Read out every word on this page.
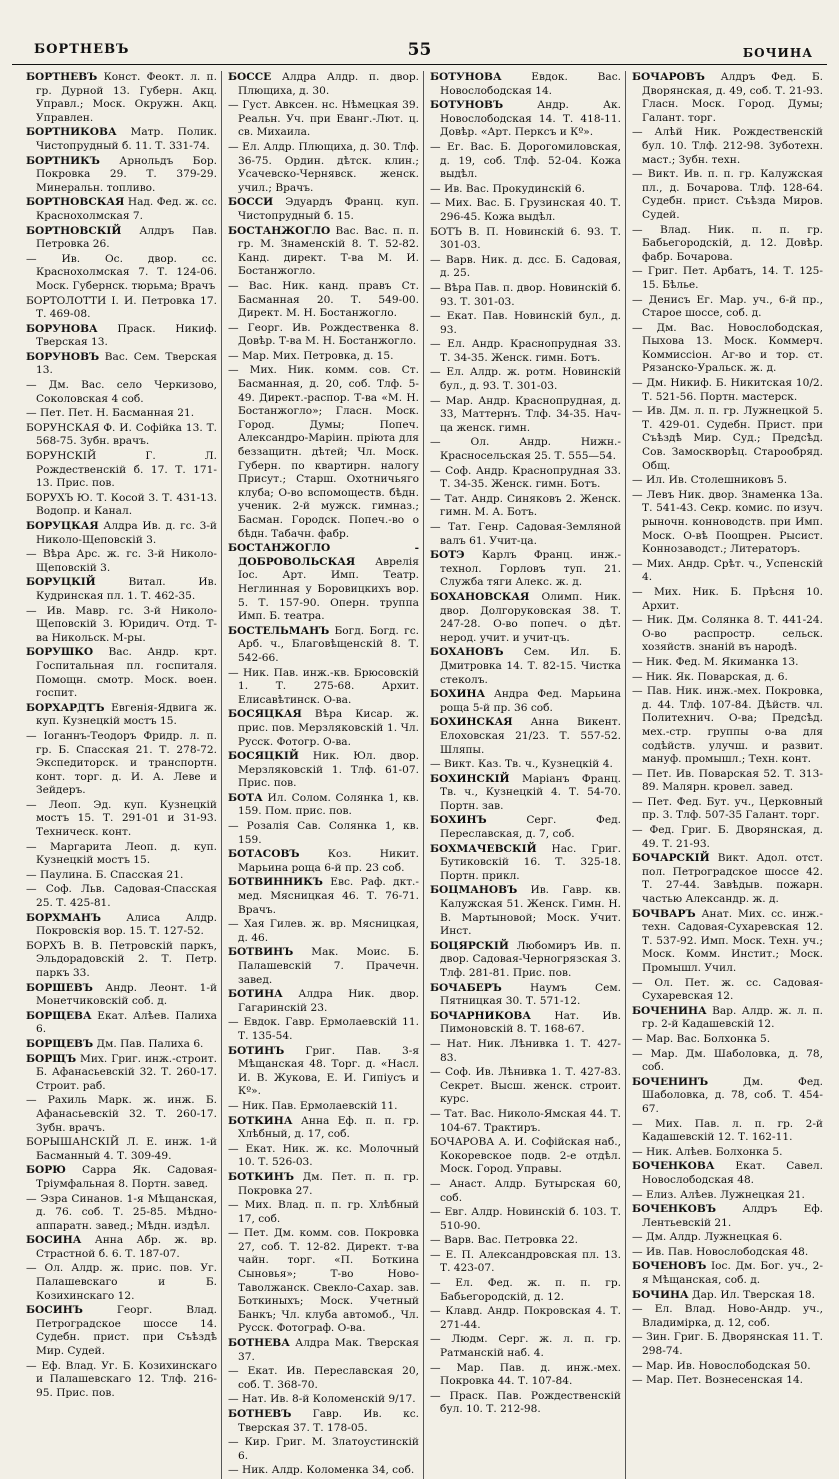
БОРТНЕВЪ	55	БОЧИНА

БОРТНЕВЪ Конст. Феокт. л. п. гр. Дурной 13. Губерн. Акц. Управл.; Моск. Окружн. Акц. Управлен.

БОРТНИКОВА Матр. Полик. Чистопрудный б. 11. Т. 331-74.

БОРТНИКЪ Арнольдъ Бор. Покровка 29. Т. 379-29. Минеральн. топливо.

БОРТНОВСКАЯ Над. Фед. ж. сс. Краснохолмская 7.

БОРТНОВСКІЙ Алдръ Пав. Петровка 26.

— Ив. Ос. двор. сс. Краснохолмская 7. Т. 124-06. Моск. Губернск. тюрьма; Врачъ

БОРТОЛОТТИ І. И. Петровка 17. Т. 469-08.

БОРУНОВА Праск. Никиф. Тверская 13.

БОРУНОВЪ Вас. Сем. Тверская 13.

— Дм. Вас. село Черкизово, Соколовская 4 соб.

— Пет. Пет. Н. Басманная 21.

БОРУНСКАЯ Ф. И. Софійка 13. Т. 568-75. Зубн. врачъ.

БОРУНСКІЙ Г. Л. Рождественскій б. 17. Т. 171-13. Прис. пов.

БОРУХЪ Ю. Т. Косой 3. Т. 431-13. Водопр. и Канал.

БОРУЦКАЯ Алдра Ив. д. гс. 3-й Николо-Щеповскій 3.

— Вѣра Арс. ж. гс. 3-й Николо-Щеповскій 3.

БОРУЦКІЙ Витал. Ив. Кудринская пл. 1. Т. 462-35.

— Ив. Мавр. гс. 3-й Николо-Щеповскій 3. Юридич. Отд. Т-ва Никольск. М-ры.

БОРУШКО Вас. Андр. крт. Госпитальная пл. госпиталя. Помощн. смотр. Моск. воен. госпит.

БОРХАРДТЪ Евгенія-Ядвига ж. куп. Кузнецкій мостъ 15.

— Іоганнъ-Теодоръ Фридр. л. п. гр. Б. Спасская 21. Т. 278-72. Экспедиторск. и транспортн. конт. торг. д. И. А. Леве и Зейдеръ.

— Леоп. Эд. куп. Кузнецкій мостъ 15. Т. 291-01 и 31-93. Техническ. конт.

— Маргарита Леоп. д. куп. Кузнецкій мостъ 15.

— Паулина. Б. Спасская 21.

— Соф. Льв. Садовая-Спасская 25. Т. 425-81.

БОРХМАНЪ Алиса Алдр. Покровскія вор. 15. Т. 127-52.

БОРХЪ В. В. Петровскій паркъ, Эльдорадовскій 2. Т. Петр. паркъ 33.

БОРШЕВЪ Андр. Леонт. 1-й Монетчиковскій соб. д.

БОРЩЕВА Екат. Алѣев. Палиха 6.

БОРЩЕВЪ Дм. Пав. Палиха 6.

БОРЩЪ Мих. Григ. инж.-строит. Б. Афанасьевскій 32. Т. 260-17. Строит. раб.

— Рахиль Марк. ж. инж. Б. Афанасьевскій 32. Т. 260-17. Зубн. врачъ.

БОРЫШАНСКІЙ Л. Е. инж. 1-й Басманный 4. Т. 309-49.

БОРЮ Сарра Як. Садовая-Тріумфальная 8. Портн. завед.

— Эзра Синанов. 1-я Мѣщанская, д. 76. соб. Т. 25-85. Мѣдно-аппаратн. завед.; Мѣдн. издѣл.

БОСИНА Анна Абр. ж. вр. Страстной б. 6. Т. 187-07.

— Ол. Алдр. ж. прис. пов. Уг. Палашевскаго и Б. Козихинскаго 12.

БОСИНЪ Георг. Влад. Петроградское шоссе 14. Судебн. прист. при Съѣздѣ Мир. Судей.

— Еф. Влад. Уг. Б. Козихинскаго и Палашевскаго 12. Тлф. 216-95. Прис. пов.

БОССЕ Алдра Алдр. п. двор. Плющиха, д. 30.

— Густ. Авксен. нс. Нѣмецкая 39. Реальн. Уч. при Еванг.-Лют. ц. св. Михаила.

— Ел. Алдр. Плющиха, д. 30. Тлф. 36-75. Ордин. дѣтск. клин.; Усачевско-Чернявск. женск. учил.; Врачъ.

БОССИ Эдуардъ Франц. куп. Чистопрудный б. 15.

БОСТАНЖОГЛО Вас. Вас. п. п. гр. М. Знаменскій 8. Т. 52-82. Канд. директ. Т-ва М. И. Бостанжогло.

— Вас. Ник. канд. правъ Ст. Басманная 20. Т. 549-00. Директ. М. Н. Бостанжогло.

— Георг. Ив. Рождественка 8. Довѣр. Т-ва М. Н. Бостанжогло.

— Мар. Мих. Петровка, д. 15.

— Мих. Ник. комм. сов. Ст. Басманная, д. 20, соб. Тлф. 5-49. Директ.-распор. Т-ва «М. Н. Бостанжогло»; Гласн. Моск. Город. Думы; Попеч. Александро-Маріин. пріюта для беззащитн. дѣтей; Чл. Моск. Губерн. по квартирн. налогу Присут.; Старш. Охотничьяго клуба; О-во вспомоществ. бѣдн. ученик. 2-й мужск. гимназ.; Басман. Городск. Попеч.-во о бѣдн. Табачн. фабр.

БОСТАНЖОГЛО - ДОБРОВОЛЬСКАЯ Аврелія Іос. Арт. Имп. Театр. Неглинная у Боровицкихъ вор. 5. Т. 157-90. Оперн. труппа Имп. Б. театра.

БОСТЕЛЬМАНЪ Богд. Богд. гс. Арб. ч., Благовѣщенскій 8. Т. 542-66.

— Ник. Пав. инж.-кв. Брюсовскій 1. Т. 275-68. Архит. Елисавѣтинск. О-ва.

БОСЯЦКАЯ Вѣра Кисар. ж. прис. пов. Мерзляковскій 1. Чл. Русск. Фотогр. О-ва.

БОСЯЦКІЙ Ник. Юл. двор. Мерзляковскій 1. Тлф. 61-07. Прис. пов.

БОТА Ил. Солом. Солянка 1, кв. 159. Пом. прис. пов.

— Розалія Сав. Солянка 1, кв. 159.

БОТАСОВЪ Коз. Никит. Марьина роща 6-й пр. 23 соб.

БОТВИННИКЪ Евс. Раф. дкт.-мед. Мясницкая 46. Т. 76-71. Врачъ.

— Хая Гилев. ж. вр. Мясницкая, д. 46.

БОТВИНЪ Мак. Моис. Б. Палашевскій 7. Прачечн. завед.

БОТИНА Алдра Ник. двор. Гагаринскій 23.

— Евдок. Гавр. Ермолаевскій 11. Т. 135-54.

БОТИНЪ Григ. Пав. 3-я Мѣщанская 48. Торг. д. «Насл. И. В. Жукова, Е. И. Гипіусъ и Кº».

— Ник. Пав. Ермолаевскій 11.

БОТКИНА Анна Еф. п. п. гр. Хлѣбный, д. 17, соб.

— Екат. Ник. ж. кс. Молочный 10. Т. 526-03.

БОТКИНЪ Дм. Пет. п. п. гр. Покровка 27.

— Мих. Влад. п. п. гр. Хлѣбный 17, соб.

— Пет. Дм. комм. сов. Покровка 27, соб. Т. 12-82. Директ. т-ва чайн. торг. «П. Боткина Сыновья»; Т-во Ново-Таволжанск. Свекло-Сахар. зав. Боткиныхъ; Моск. Учетный Банкъ; Чл. клуба автомоб., Чл. Русск. Фотограф. О-ва.

БОТНЕВА Алдра Мак. Тверская 37.

— Екат. Ив. Переславская 20, соб. Т. 368-70.

— Нат. Ив. 8-й Коломенскій 9/17.

БОТНЕВЪ Гавр. Ив. кс. Тверская 37. Т. 178-05.

— Кир. Григ. М. Златоустинскій 6.

— Ник. Алдр. Коломенка 34, соб.

БОТУНОВА Евдок. Вас. Новослободская 14.

БОТУНОВЪ Андр. Ак. Новослободская 14. Т. 418-11. Довѣр. «Арт. Перксъ и Кº».

— Ег. Вас. Б. Дорогомиловская, д. 19, соб. Тлф. 52-04. Кожа выдѣл.

— Ив. Вас. Прокудинскій 6.

— Мих. Вас. Б. Грузинская 40. Т. 296-45. Кожа выдѣл.

БОТЪ В. П. Новинскій 6. 93. Т. 301-03.

— Варв. Ник. д. дсс. Б. Садовая, д. 25.

— Вѣра Пав. п. двор. Новинскій б. 93. Т. 301-03.

— Екат. Пав. Новинскій бул., д. 93.

— Ел. Андр. Краснопрудная 33. Т. 34-35. Женск. гимн. Ботъ.

— Ел. Алдр. ж. ротм. Новинскій бул., д. 93. Т. 301-03.

— Мар. Андр. Краснопрудная, д. 33, Маттернъ. Тлф. 34-35. Нач-ца женск. гимн.

— Ол. Андр. Нижн.-Красносельская 25. Т. 555—54.

— Соф. Андр. Краснопрудная 33. Т. 34-35. Женск. гимн. Ботъ.

— Тат. Андр. Синяковъ 2. Женск. гимн. М. А. Ботъ.

— Тат. Генр. Садовая-Земляной валъ 61. Учит-ца.

БОТЭ Карлъ Франц. инж.-технол. Горловъ туп. 21. Служба тяги Алекс. ж. д.

БОХАНОВСКАЯ Олимп. Ник. двор. Долгоруковская 38. Т. 247-28. О-во попеч. о дѣт. нерод. учит. и учит-цъ.

БОХАНОВЪ Сем. Ил. Б. Дмитровка 14. Т. 82-15. Чистка стеколъ.

БОХИНА Андра Фед. Марьина роща 5-й пр. 36 соб.

БОХИНСКАЯ Анна Викент. Елоховская 21/23. Т. 557-52. Шляпы.

— Викт. Каз. Тв. ч., Кузнецкій 4.

БОХИНСКІЙ Маріанъ Франц. Тв. ч., Кузнецкій 4. Т. 54-70. Портн. зав.

БОХИНЪ Серг. Фед. Переславская, д. 7, соб.

БОХМАЧЕВСКІЙ Нас. Григ. Бутиковскій 16. Т. 325-18. Портн. прикл.

БОЦМАНОВЪ Ив. Гавр. кв. Калужская 51. Женск. Гимн. Н. В. Мартыновой; Моск. Учит. Инст.

БОЦЯРСКІЙ Любомиръ Ив. п. двор. Садовая-Черногрязская 3. Тлф. 281-81. Прис. пов.

БОЧАБЕРЪ Наумъ Сем. Пятницкая 30. Т. 571-12.

БОЧАРНИКОВА Нат. Ив. Пимоновскій 8. Т. 168-67.

— Нат. Ник. Лѣнивка 1. Т. 427-83.

— Соф. Ив. Лѣнивка 1. Т. 427-83. Секрет. Высш. женск. строит. курс.

— Тат. Вас. Николо-Ямская 44. Т. 104-67. Трактиръ.

БОЧАРОВА А. И. Софійская наб., Кокоревское подв. 2-е отдѣл. Моск. Город. Управы.

— Анаст. Алдр. Бутырская 60, соб.

— Евг. Алдр. Новинскій б. 103. Т. 510-90.

— Варв. Вас. Петровка 22.

— Е. П. Александровская пл. 13. Т. 423-07.

— Ел. Фед. ж. п. п. гр. Бабьегородскій, д. 12.

— Клавд. Андр. Покровская 4. Т. 271-44.

— Людм. Серг. ж. л. п. гр. Ратманскій наб. 4.

— Мар. Пав. д. инж.-мех. Покровка 44. Т. 107-84.

— Праск. Пав. Рождественскій бул. 10. Т. 212-98.

БОЧАРОВЪ Алдръ Фед. Б. Дворянская, д. 49, соб. Т. 21-93. Гласн. Моск. Город. Думы; Галант. торг.

— Алѣй Ник. Рождественскій бул. 10. Тлф. 212-98. Зуботехн. маст.; Зубн. техн.

— Викт. Ив. п. п. гр. Калужская пл., д. Бочарова. Тлф. 128-64. Судебн. прист. Съѣзда Миров. Судей.

— Влад. Ник. п. п. гр. Бабьегородскій, д. 12. Довѣр. фабр. Бочарова.

— Григ. Пет. Арбатъ, 14. Т. 125-15. Бѣлье.

— Денисъ Ег. Мар. уч., 6-й пр., Старое шоссе, соб. д.

— Дм. Вас. Новослободская, Пыхова 13. Моск. Коммерч. Коммиссіон. Аг-во и тор. ст. Рязанско-Уральск. ж. д.

— Дм. Никиф. Б. Никитская 10/2. Т. 521-56. Портн. мастерск.

— Ив. Дм. л. п. гр. Лужнецкой 5. Т. 429-01. Судебн. Прист. при Съѣздѣ Мир. Суд.; Предсѣд. Сов. Замоскворѣц. Старообряд. Общ.

— Ил. Ив. Столешниковъ 5.

— Левъ Ник. двор. Знаменка 13а. Т. 541-43. Секр. комис. по изуч. рыночн. конноводств. при Имп. Моск. О-вѣ Поощрен. Рысист. Коннозаводст.; Литераторъ.

— Мих. Андр. Срѣт. ч., Успенскій 4.

— Мих. Ник. Б. Прѣсня 10. Архит.

— Ник. Дм. Солянка 8. Т. 441-24. О-во распростр. сельск. хозяйств. знаній въ народѣ.

— Ник. Фед. М. Якиманка 13.

— Ник. Як. Поварская, д. 6.

— Пав. Ник. инж.-мех. Покровка, д. 44. Тлф. 107-84. Дѣйств. чл. Политехнич. О-ва; Предсѣд. мех.-стр. группы о-ва для содѣйств. улучш. и развит. мануф. промышл.; Техн. конт.

— Пет. Ив. Поварская 52. Т. 313-89. Малярн. кровел. завед.

— Пет. Фед. Бут. уч., Церковный пр. 3. Тлф. 507-35 Галант. торг.

— Фед. Григ. Б. Дворянская, д. 49. Т. 21-93.

БОЧАРСКІЙ Викт. Адол. отст. пол. Петроградское шоссе 42. Т. 27-44. Завѣдыв. пожарн. частью Александр. ж. д.

БОЧВАРЪ Анат. Мих. сс. инж.-техн. Садовая-Сухаревская 12. Т. 537-92. Имп. Моск. Техн. уч.; Моск. Комм. Инстит.; Моск. Промышл. Учил.

— Ол. Пет. ж. сс. Садовая-Сухаревская 12.

БОЧЕНИНА Вар. Алдр. ж. л. п. гр. 2-й Кадашевскій 12.

— Мар. Вас. Болхонка 5.

— Мар. Дм. Шаболовка, д. 78, соб.

БОЧЕНИНЪ Дм. Фед. Шаболовка, д. 78, соб. Т. 454-67.

— Мих. Пав. л. п. гр. 2-й Кадашевскій 12. Т. 162-11.

— Ник. Алѣев. Болхонка 5.

БОЧЕНКОВА Екат. Савел. Новослободская 48.

— Елиз. Алѣев. Лужнецкая 21.

БОЧЕНКОВЪ Алдръ Еф. Лентьевскій 21.

— Дм. Алдр. Лужнецкая 6.

— Ив. Пав. Новослободская 48.

БОЧЕНОВЪ Іос. Дм. Бог. уч., 2-я Мѣщанская, соб. д.

БОЧИНА Дар. Ил. Тверская 18.

— Ел. Влад. Ново-Андр. уч., Владимірка, д. 12, соб.

— Зин. Григ. Б. Дворянская 11. Т. 298-74.

— Мар. Ив. Новослободская 50.

— Мар. Пет. Вознесенская 14.
